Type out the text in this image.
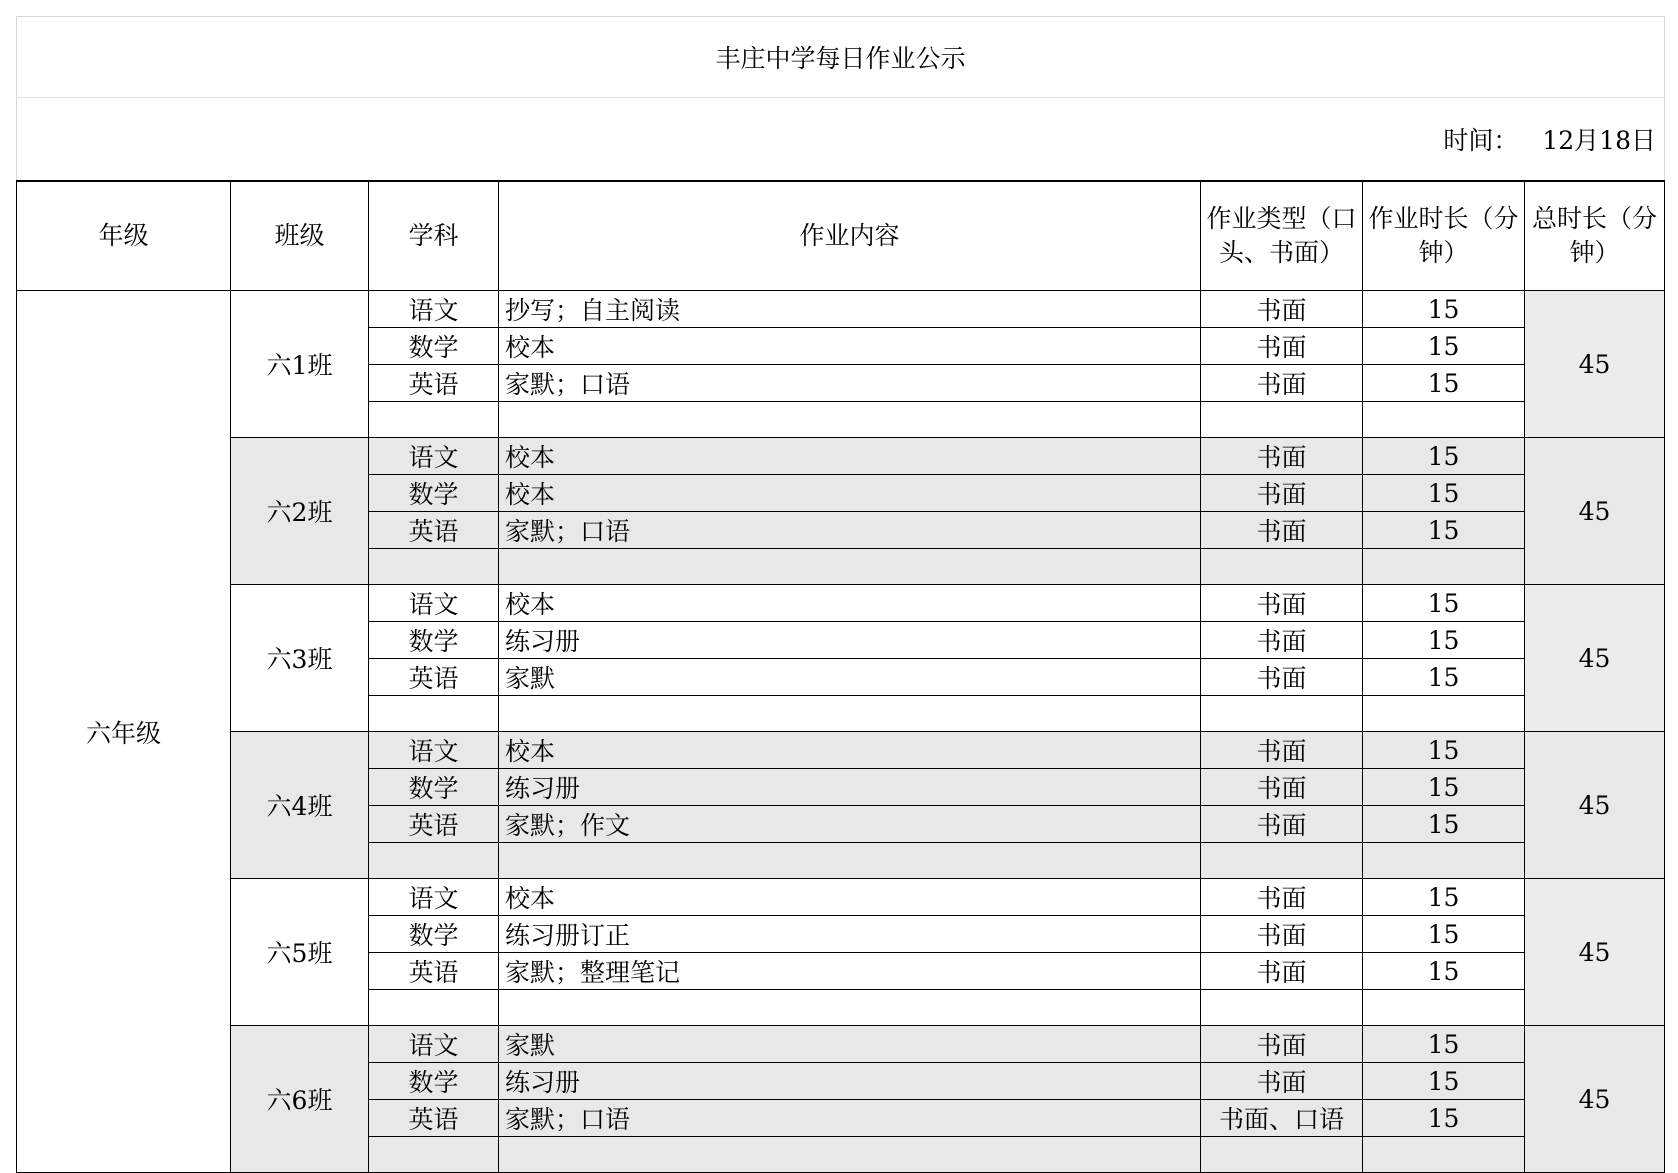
丰庄中学每日作业公示						
时间： 12月18日						
年级	班级	学科	作业内容	作业类型（口头、书面）	作业时长（分钟）	总时长（分钟）
六年级	六1班	语文	抄写；自主阅读	书面	15	45
		数学	校本	书面	15	
		英语	家默；口语	书面	15	

	六2班	语文	校本	书面	15	45
		数学	校本	书面	15	
		英语	家默；口语	书面	15	

	六3班	语文	校本	书面	15	45
		数学	练习册	书面	15	
		英语	家默	书面	15	

	六4班	语文	校本	书面	15	45
		数学	练习册	书面	15	
		英语	家默；作文	书面	15	

	六5班	语文	校本	书面	15	45
		数学	练习册订正	书面	15	
		英语	家默；整理笔记	书面	15	

	六6班	语文	家默	书面	15	45
		数学	练习册	书面	15	
		英语	家默；口语	书面、口语	15	
